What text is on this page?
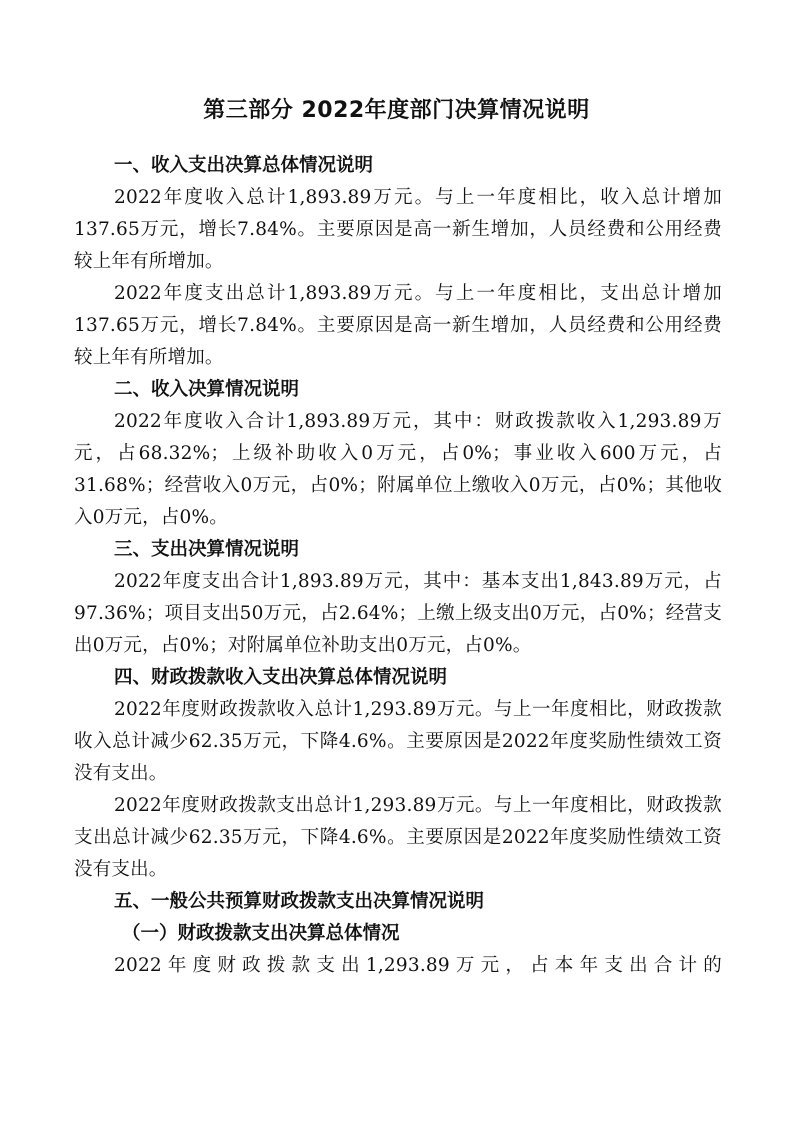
第三部分 2022年度部门决算情况说明
一、收入支出决算总体情况说明

2022年度收入总计1,893.89万元。与上一年度相比，收入总计增加137.65万元，增长7.84%。主要原因是高一新生增加，人员经费和公用经费较上年有所增加。

2022年度支出总计1,893.89万元。与上一年度相比，支出总计增加137.65万元，增长7.84%。主要原因是高一新生增加，人员经费和公用经费较上年有所增加。

二、收入决算情况说明

2022年度收入合计1,893.89万元，其中：财政拨款收入1,293.89万元，占68.32%；上级补助收入0万元，占0%；事业收入600万元，占31.68%；经营收入0万元，占0%；附属单位上缴收入0万元，占0%；其他收入0万元，占0%。

三、支出决算情况说明

2022年度支出合计1,893.89万元，其中：基本支出1,843.89万元，占97.36%；项目支出50万元，占2.64%；上缴上级支出0万元，占0%；经营支出0万元，占0%；对附属单位补助支出0万元，占0%。

四、财政拨款收入支出决算总体情况说明

2022年度财政拨款收入总计1,293.89万元。与上一年度相比，财政拨款收入总计减少62.35万元，下降4.6%。主要原因是2022年度奖励性绩效工资没有支出。

2022年度财政拨款支出总计1,293.89万元。与上一年度相比，财政拨款支出总计减少62.35万元，下降4.6%。主要原因是2022年度奖励性绩效工资没有支出。

五、一般公共预算财政拨款支出决算情况说明
（一）财政拨款支出决算总体情况

2022年度财政拨款支出1,293.89万元，占本年支出合计的
